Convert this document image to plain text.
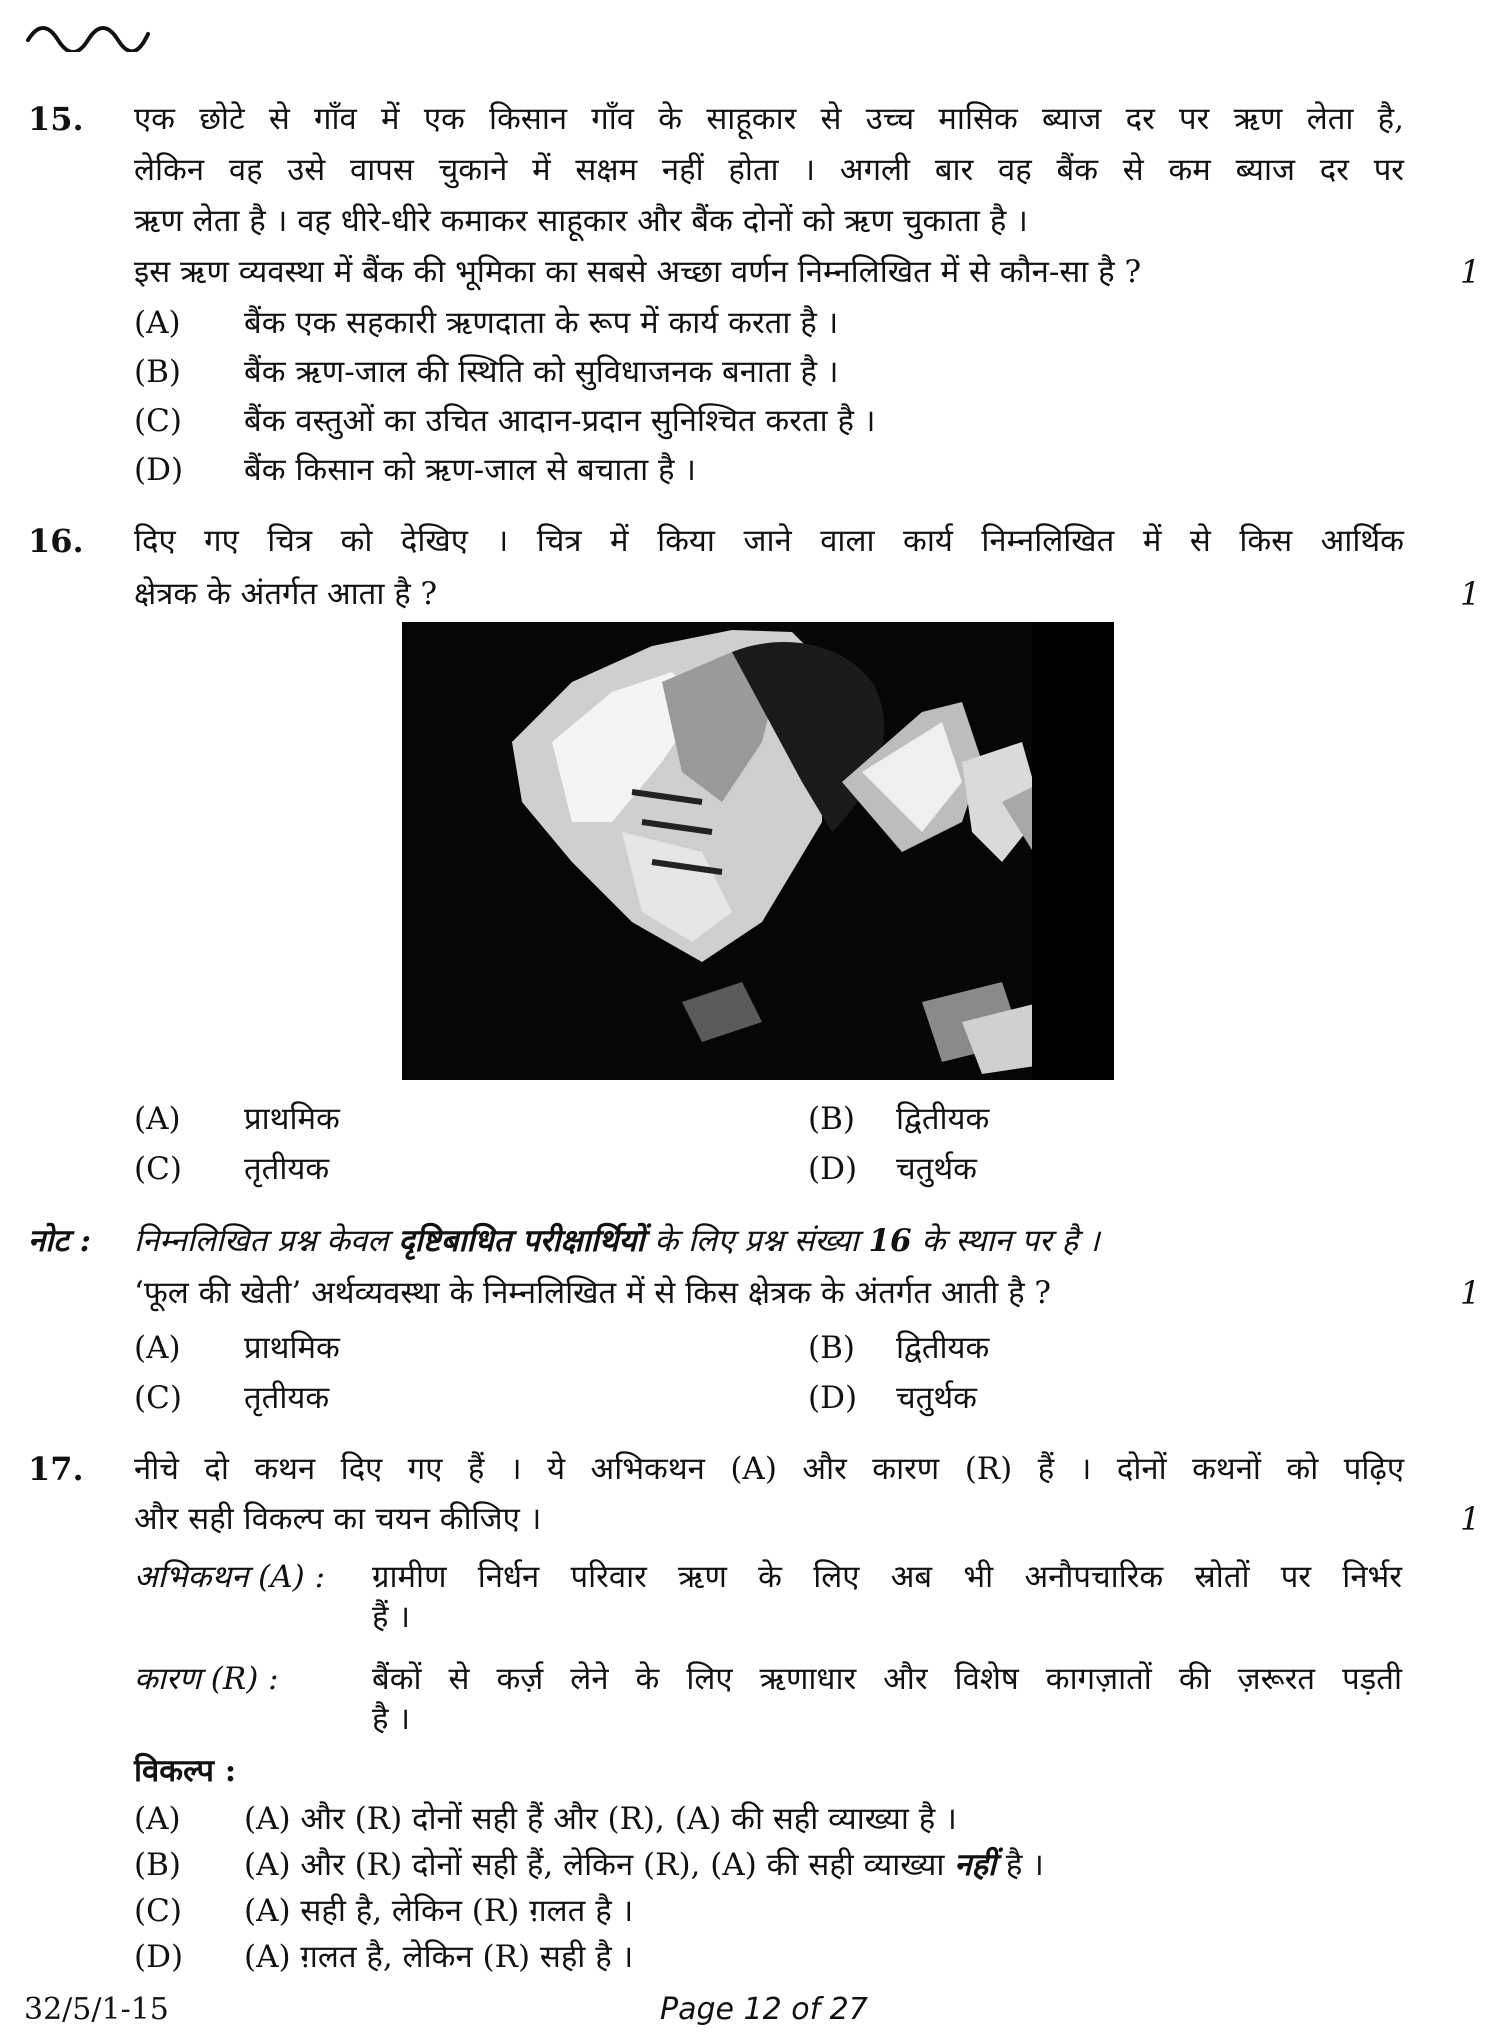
15. एक छोटे से गाँव में एक किसान गाँव के साहूकार से उच्च मासिक ब्याज दर पर ऋण लेता है,
लेकिन वह उसे वापस चुकाने में सक्षम नहीं होता । अगली बार वह बैंक से कम ब्याज दर पर
ऋण लेता है । वह धीरे-धीरे कमाकर साहूकार और बैंक दोनों को ऋण चुकाता है ।
इस ऋण व्यवस्था में बैंक की भूमिका का सबसे अच्छा वर्णन निम्नलिखित में से कौन-सा है ?	1
(A) बैंक एक सहकारी ऋणदाता के रूप में कार्य करता है ।
(B) बैंक ऋण-जाल की स्थिति को सुविधाजनक बनाता है ।
(C) बैंक वस्तुओं का उचित आदान-प्रदान सुनिश्चित करता है ।
(D) बैंक किसान को ऋण-जाल से बचाता है ।
16. दिए गए चित्र को देखिए । चित्र में किया जाने वाला कार्य निम्नलिखित में से किस आर्थिक
क्षेत्रक के अंतर्गत आता है ?	1
(A) प्राथमिक	(B) द्वितीयक
(C) तृतीयक	(D) चतुर्थक
नोट : निम्नलिखित प्रश्न केवल दृष्टिबाधित परीक्षार्थियों के लिए प्रश्न संख्या 16 के स्थान पर है ।
‘फूल की खेती’ अर्थव्यवस्था के निम्नलिखित में से किस क्षेत्रक के अंतर्गत आती है ?	1
(A) प्राथमिक	(B) द्वितीयक
(C) तृतीयक	(D) चतुर्थक
17. नीचे दो कथन दिए गए हैं । ये अभिकथन (A) और कारण (R) हैं । दोनों कथनों को पढ़िए
और सही विकल्प का चयन कीजिए ।	1
अभिकथन (A) : ग्रामीण निर्धन परिवार ऋण के लिए अब भी अनौपचारिक स्रोतों पर निर्भर
हैं ।
कारण (R) :	बैंकों से कर्ज़ लेने के लिए ऋणाधार और विशेष कागज़ातों की ज़रूरत पड़ती
है ।
विकल्प :
(A) (A) और (R) दोनों सही हैं और (R), (A) की सही व्याख्या है ।
(B) (A) और (R) दोनों सही हैं, लेकिन (R), (A) की सही व्याख्या नहीं है ।
(C) (A) सही है, लेकिन (R) ग़लत है ।
(D) (A) ग़लत है, लेकिन (R) सही है ।
32/5/1-15	Page 12 of 27
